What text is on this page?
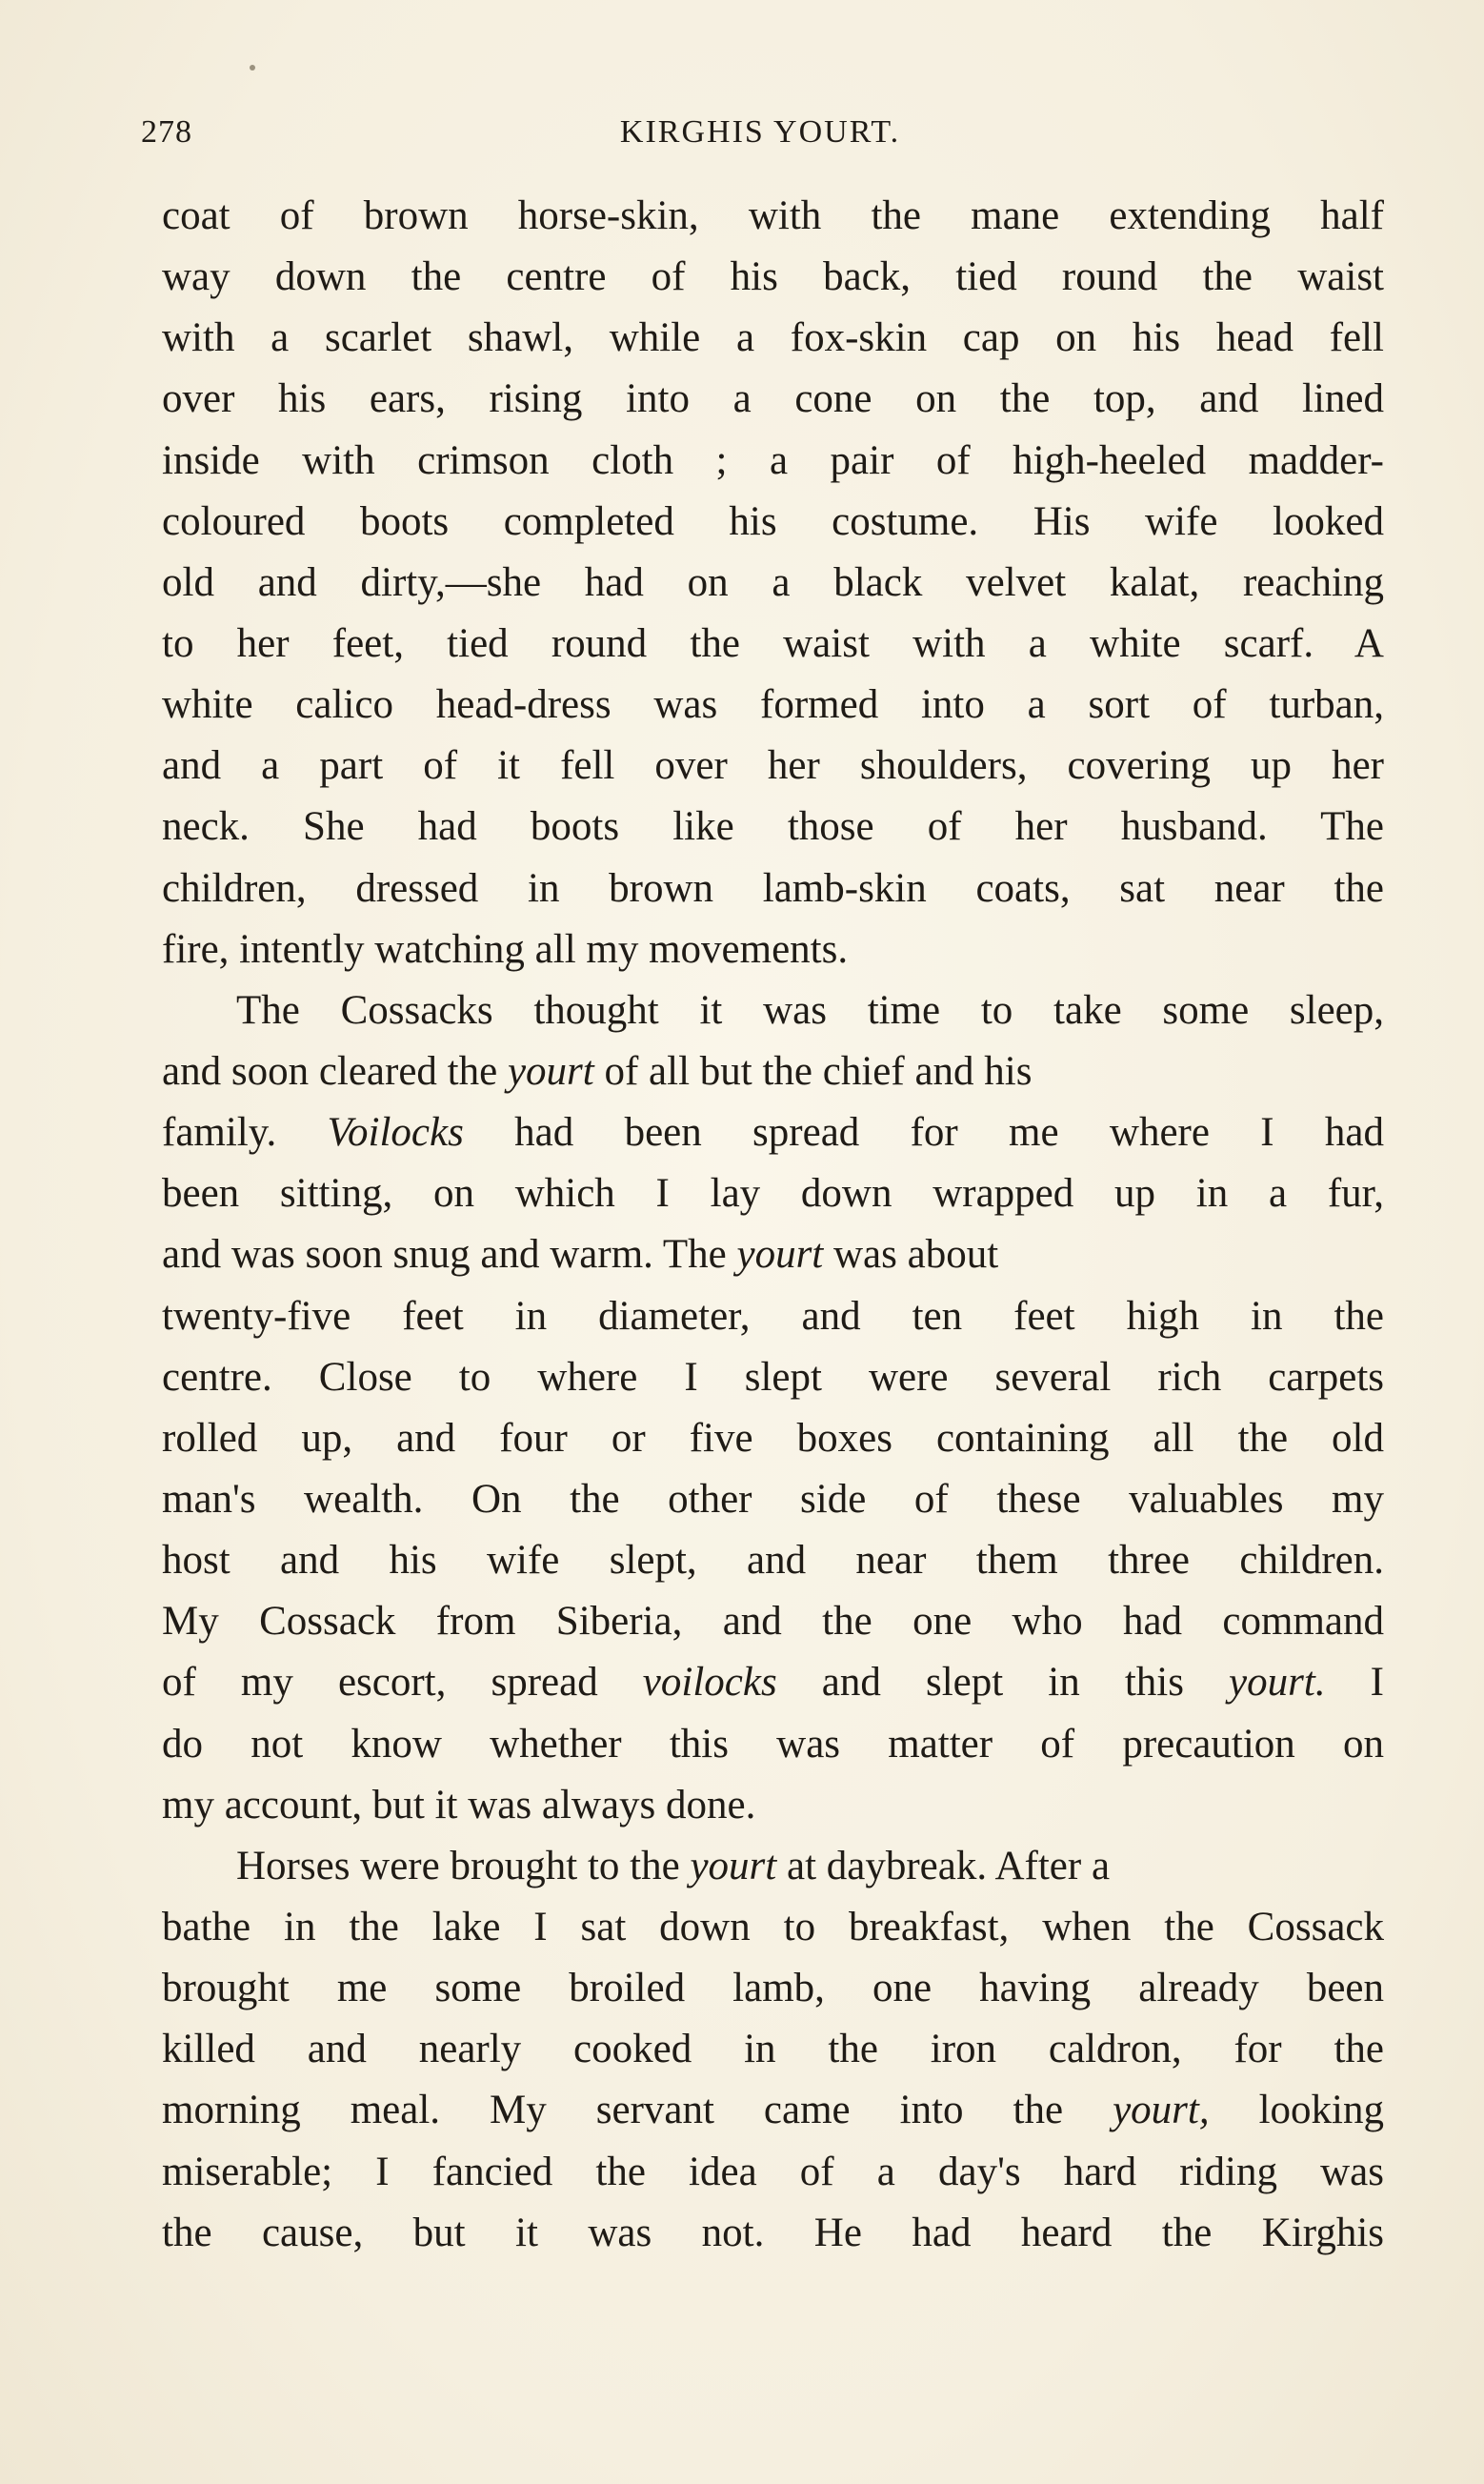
278	KIRGHIS YOURT.
coat of brown horse-skin, with the mane extending half
way down the centre of his back, tied round the waist
with a scarlet shawl, while a fox-skin cap on his head fell
over his ears, rising into a cone on the top, and lined
inside with crimson cloth ; a pair of high-heeled madder-
coloured boots completed his costume. His wife looked
old and dirty,—she had on a black velvet kalat, reaching
to her feet, tied round the waist with a white scarf. A
white calico head-dress was formed into a sort of turban,
and a part of it fell over her shoulders, covering up her
neck. She had boots like those of her husband. The
children, dressed in brown lamb-skin coats, sat near the
fire, intently watching all my movements.
The Cossacks thought it was time to take some sleep,
and soon cleared the yourt of all but the chief and his
family. Voilocks had been spread for me where I had
been sitting, on which I lay down wrapped up in a fur,
and was soon snug and warm. The yourt was about
twenty-five feet in diameter, and ten feet high in the
centre. Close to where I slept were several rich carpets
rolled up, and four or five boxes containing all the old
man's wealth. On the other side of these valuables my
host and his wife slept, and near them three children.
My Cossack from Siberia, and the one who had command
of my escort, spread voilocks and slept in this yourt. I
do not know whether this was matter of precaution on
my account, but it was always done.
Horses were brought to the yourt at daybreak. After a
bathe in the lake I sat down to breakfast, when the Cossack
brought me some broiled lamb, one having already been
killed and nearly cooked in the iron caldron, for the
morning meal. My servant came into the yourt, looking
miserable; I fancied the idea of a day's hard riding was
the cause, but it was not. He had heard the Kirghis
